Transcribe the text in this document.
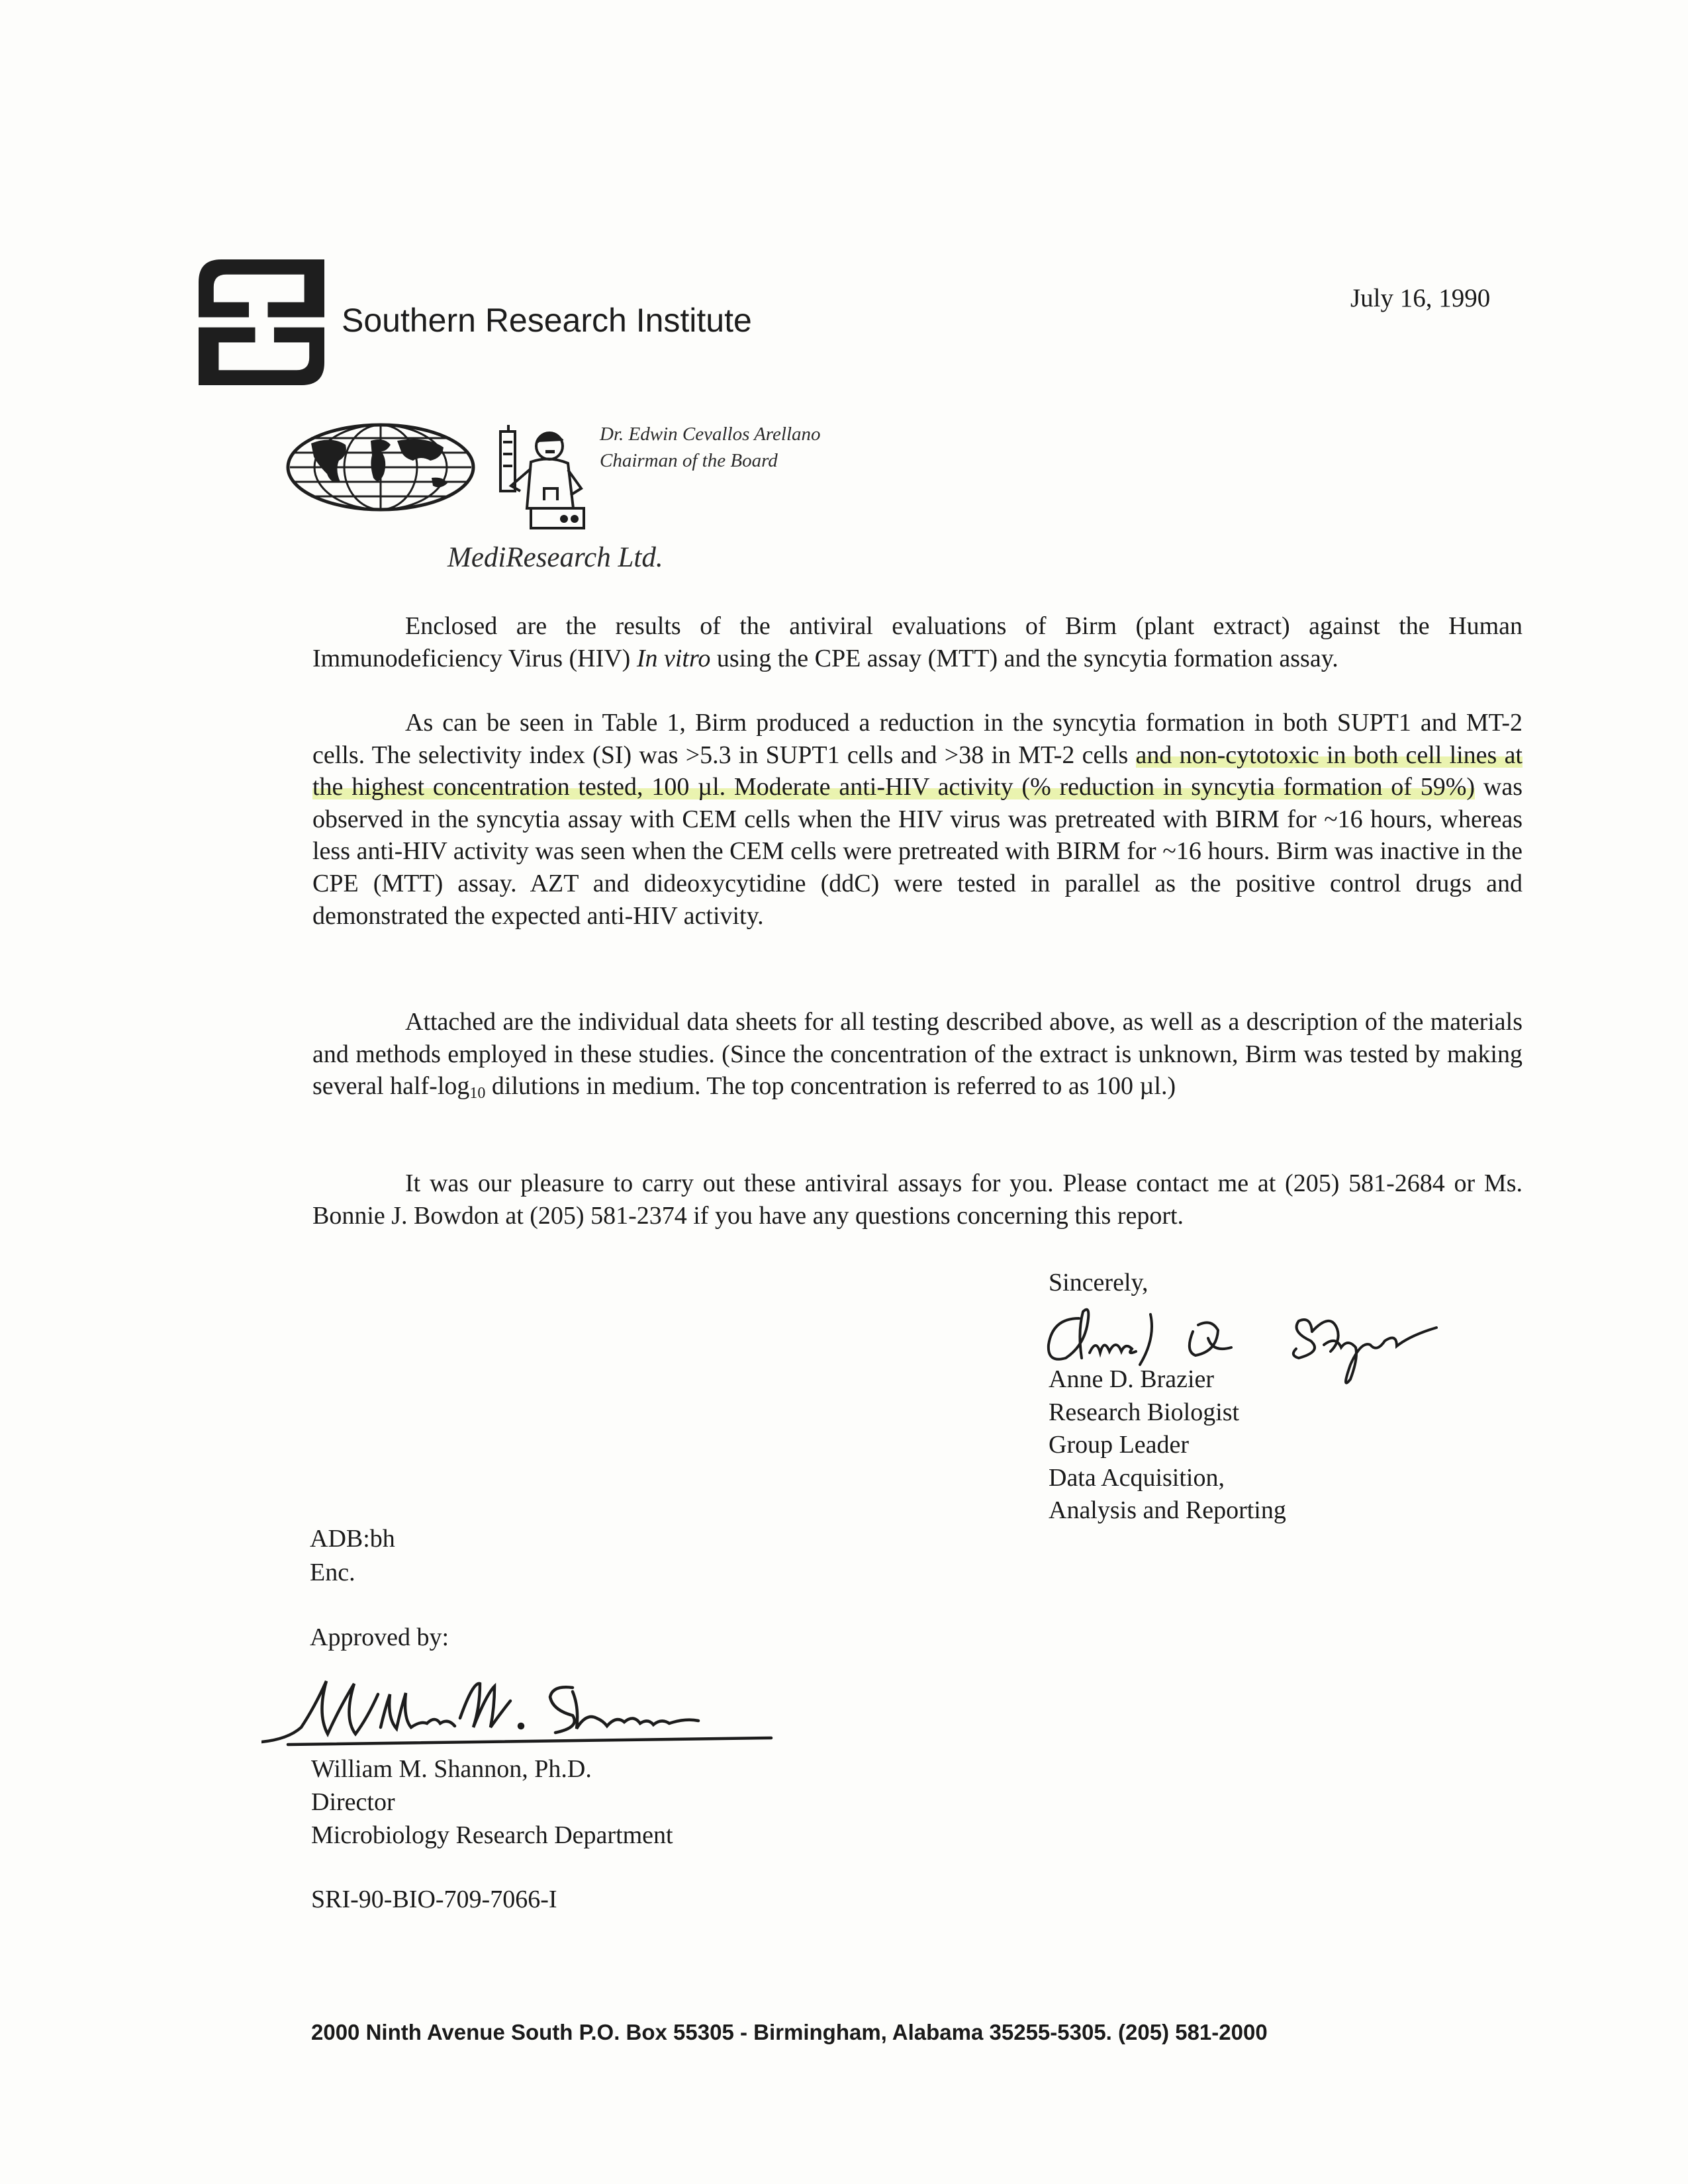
Southern Research Institute
July 16, 1990
Dr. Edwin Cevallos Arellano
Chairman of the Board
MediResearch Ltd.

Enclosed are the results of the antiviral evaluations of Birm (plant extract) against the Human Immunodeficiency Virus (HIV) In vitro using the CPE assay (MTT) and the syncytia formation assay.

As can be seen in Table 1, Birm produced a reduction in the syncytia formation in both SUPT1 and MT-2 cells. The selectivity index (SI) was >5.3 in SUPT1 cells and >38 in MT-2 cells and non-cytotoxic in both cell lines at the highest concentration tested, 100 µl. Moderate anti-HIV activity (% reduction in syncytia formation of 59%) was observed in the syncytia assay with CEM cells when the HIV virus was pretreated with BIRM for ~16 hours, whereas less anti-HIV activity was seen when the CEM cells were pretreated with BIRM for ~16 hours. Birm was inactive in the CPE (MTT) assay. AZT and dideoxycytidine (ddC) were tested in parallel as the positive control drugs and demonstrated the expected anti-HIV activity.

Attached are the individual data sheets for all testing described above, as well as a description of the materials and methods employed in these studies. (Since the concentration of the extract is unknown, Birm was tested by making several half-$\log_{10}$ dilutions in medium. The top concentration is referred to as 100 µl.)

It was our pleasure to carry out these antiviral assays for you. Please contact me at (205) 581-2684 or Ms. Bonnie J. Bowdon at (205) 581-2374 if you have any questions concerning this report.

Sincerely,
Anne D. Brazier
Research Biologist
Group Leader
Data Acquisition,
Analysis and Reporting
ADB:bh
Enc.
Approved by:
William M. Shannon, Ph.D.
Director
Microbiology Research Department
SRI-90-BIO-709-7066-I
2000 Ninth Avenue South P.O. Box 55305 - Birmingham, Alabama 35255-5305. (205) 581-2000
